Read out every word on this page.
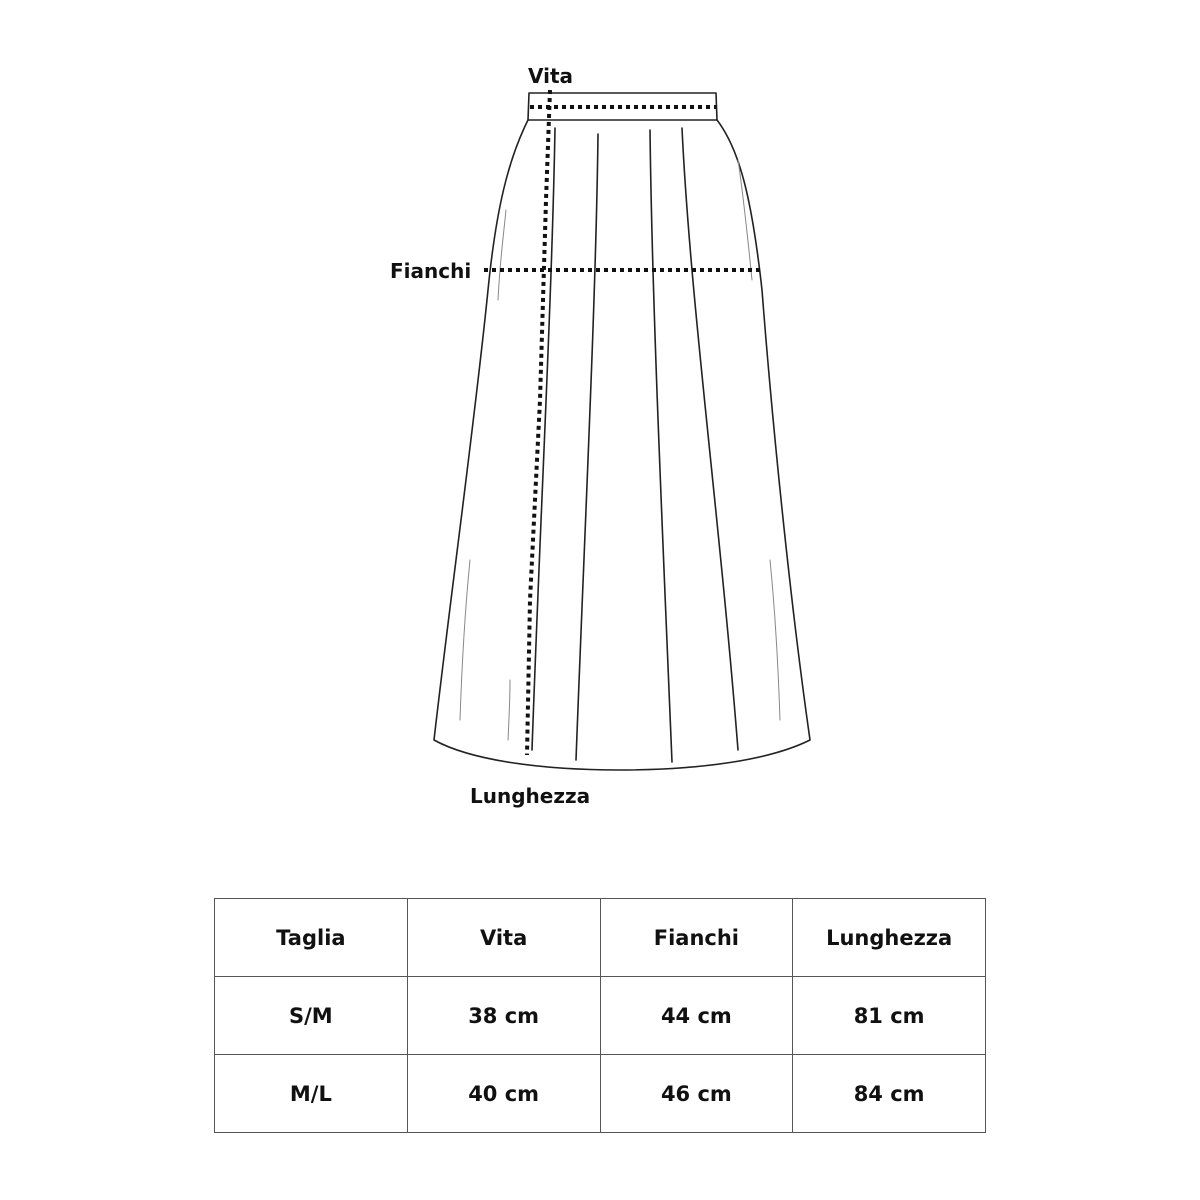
Vita
Fianchi
Lunghezza
Taglia	Vita	Fianchi	Lunghezza
S/M	38 cm	44 cm	81 cm
M/L	40 cm	46 cm	84 cm
